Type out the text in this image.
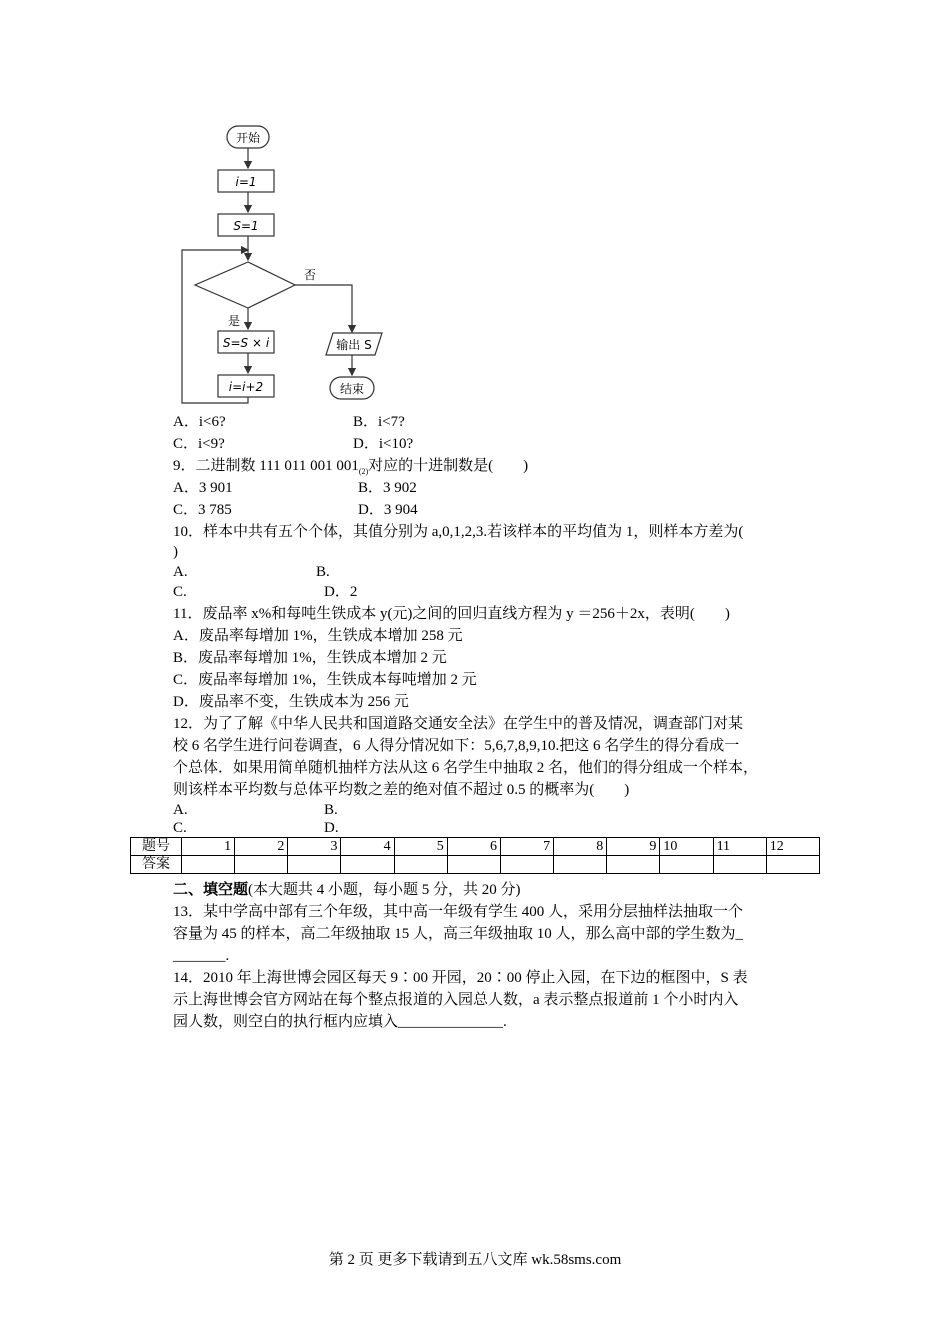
开始
i=1
S=1
否
是
S=S × i
i=i+2
输出 S
结束
A．i<6?	B．i<7?
C．i<9?	D．i<10?
9．二进制数 111 011 001 $001_{(2)}$对应的十进制数是(　　)
A．3 901	B．3 902
C．3 785	D．3 904
10．样本中共有五个个体，其值分别为 a,0,1,2,3.若该样本的平均值为 1，则样本方差为(
)
A.	B.
C.	D．2
11．废品率 x%和每吨生铁成本 y(元)之间的回归直线方程为 y ＝256＋2x，表明(　　)
A．废品率每增加 1%，生铁成本增加 258 元
B．废品率每增加 1%，生铁成本增加 2 元
C．废品率每增加 1%，生铁成本每吨增加 2 元
D．废品率不变，生铁成本为 256 元
12．为了了解《中华人民共和国道路交通安全法》在学生中的普及情况，调查部门对某
校 6 名学生进行问卷调查，6 人得分情况如下：5,6,7,8,9,10.把这 6 名学生的得分看成一
个总体．如果用简单随机抽样方法从这 6 名学生中抽取 2 名，他们的得分组成一个样本，
则该样本平均数与总体平均数之差的绝对值不超过 0.5 的概率为(　　)
A.	B.
C.	D.
题号	1	2	3	4	5	6	7	8	9	10	11	12
答案												
二、填空题(本大题共 4 小题，每小题 5 分，共 20 分)
13．某中学高中部有三个年级，其中高一年级有学生 400 人，采用分层抽样法抽取一个
容量为 45 的样本，高二年级抽取 15 人，高三年级抽取 10 人，那么高中部的学生数为_
_______.
14．2010 年上海世博会园区每天 9∶00 开园，20∶00 停止入园，在下边的框图中，S 表
示上海世博会官方网站在每个整点报道的入园总人数，a 表示整点报道前 1 个小时内入
园人数，则空白的执行框内应填入______________.
第 2 页 更多下载请到五八文库 wk.58sms.com
